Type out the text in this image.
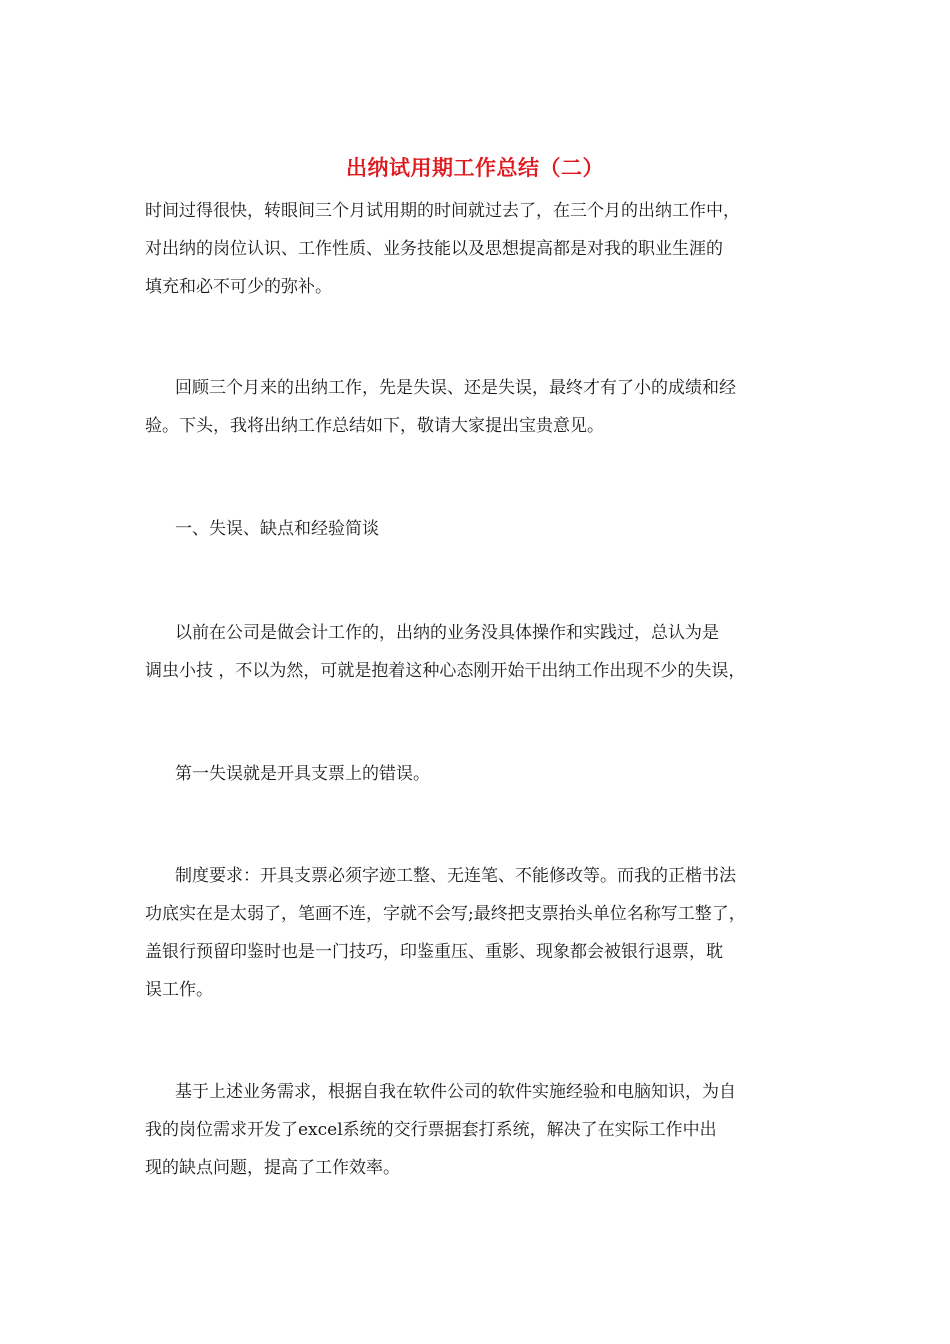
出纳试用期工作总结（二）

时间过得很快，转眼间三个月试用期的时间就过去了，在三个月的出纳工作中，
对出纳的岗位认识、工作性质、业务技能以及思想提高都是对我的职业生涯的
填充和必不可少的弥补。

回顾三个月来的出纳工作，先是失误、还是失误，最终才有了小的成绩和经
验。下头，我将出纳工作总结如下，敬请大家提出宝贵意见。

一、失误、缺点和经验简谈

以前在公司是做会计工作的，出纳的业务没具体操作和实践过，总认为是
调虫小技 ，不以为然，可就是抱着这种心态刚开始干出纳工作出现不少的失误，

第一失误就是开具支票上的错误。

制度要求：开具支票必须字迹工整、无连笔、不能修改等。而我的正楷书法
功底实在是太弱了，笔画不连，字就不会写;最终把支票抬头单位名称写工整了，
盖银行预留印鉴时也是一门技巧，印鉴重压、重影、现象都会被银行退票，耽
误工作。

基于上述业务需求，根据自我在软件公司的软件实施经验和电脑知识，为自
我的岗位需求开发了excel系统的交行票据套打系统，解决了在实际工作中出
现的缺点问题，提高了工作效率。
